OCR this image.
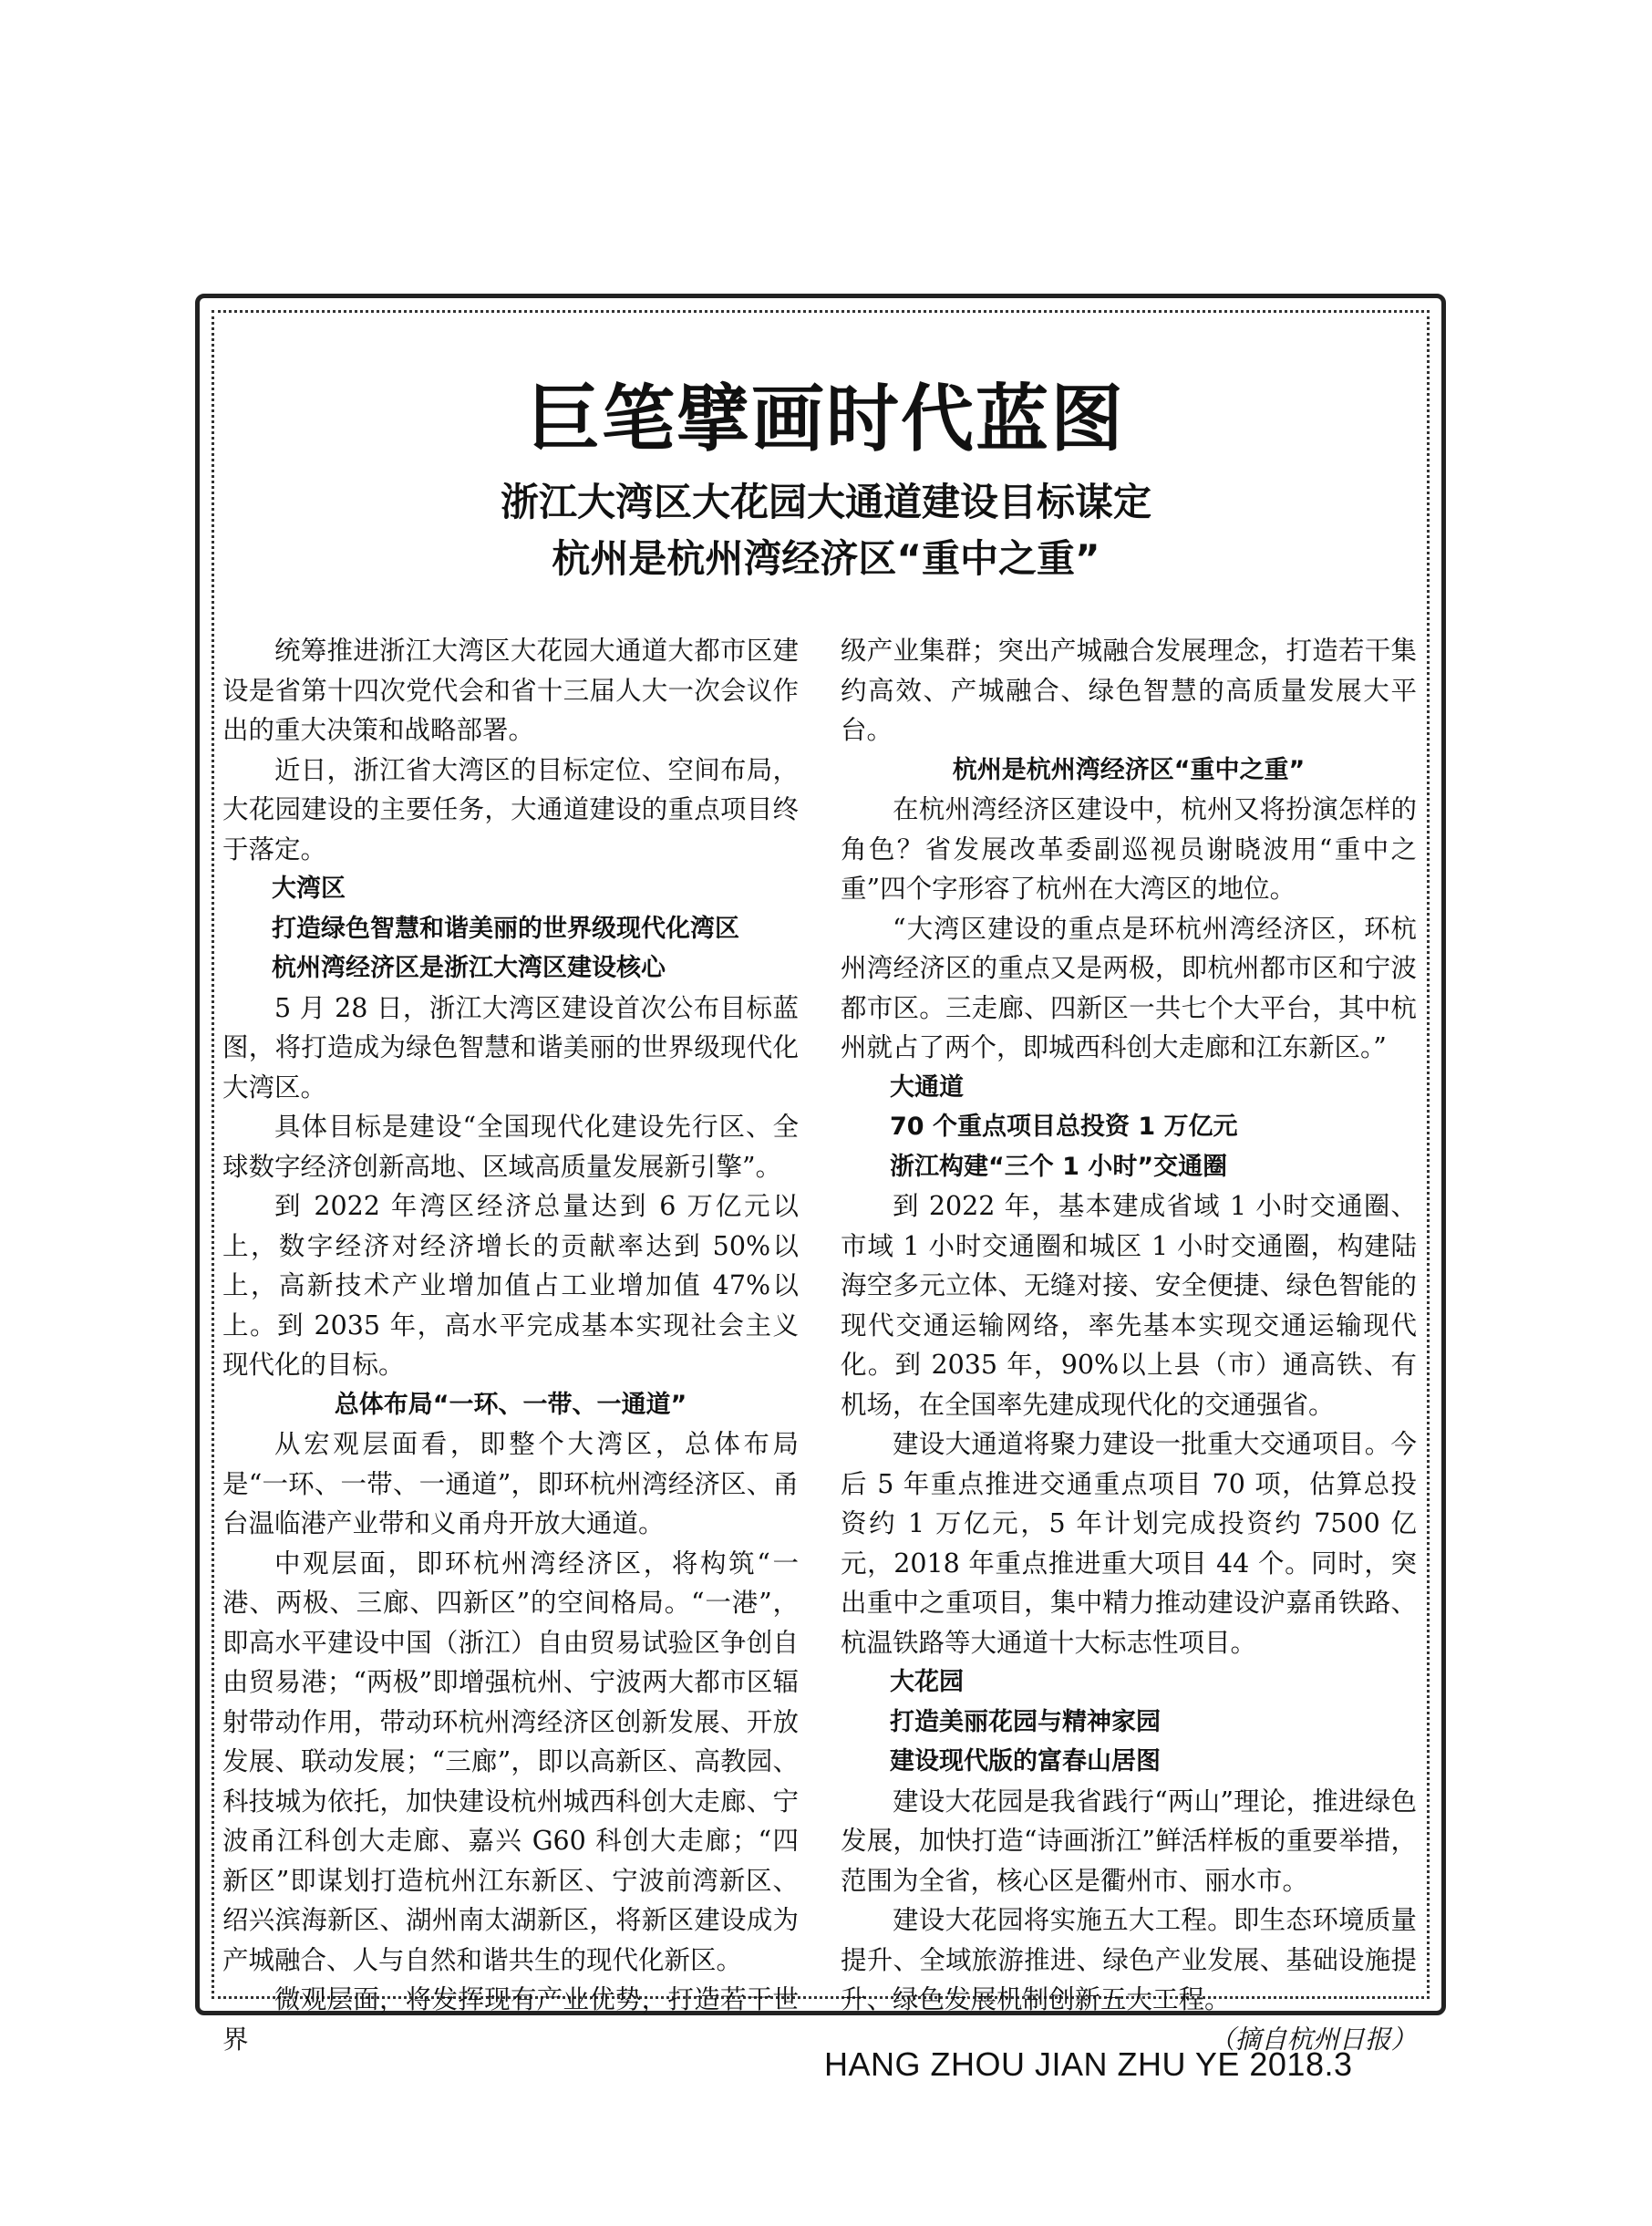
巨笔擘画时代蓝图
浙江大湾区大花园大通道建设目标谋定
杭州是杭州湾经济区“重中之重”

统筹推进浙江大湾区大花园大通道大都市区建设是省第十四次党代会和省十三届人大一次会议作出的重大决策和战略部署。

近日，浙江省大湾区的目标定位、空间布局，大花园建设的主要任务，大通道建设的重点项目终于落定。

大湾区
打造绿色智慧和谐美丽的世界级现代化湾区
杭州湾经济区是浙江大湾区建设核心

5 月 28 日，浙江大湾区建设首次公布目标蓝图，将打造成为绿色智慧和谐美丽的世界级现代化大湾区。

具体目标是建设“全国现代化建设先行区、全球数字经济创新高地、区域高质量发展新引擎”。

到 2022 年湾区经济总量达到 6 万亿元以上，数字经济对经济增长的贡献率达到 50%以上，高新技术产业增加值占工业增加值 47%以上。到 2035 年，高水平完成基本实现社会主义现代化的目标。

总体布局“一环、一带、一通道”

从宏观层面看，即整个大湾区，总体布局是“一环、一带、一通道”，即环杭州湾经济区、甬台温临港产业带和义甬舟开放大通道。

中观层面，即环杭州湾经济区，将构筑“一港、两极、三廊、四新区”的空间格局。“一港”，即高水平建设中国（浙江）自由贸易试验区争创自由贸易港；“两极”即增强杭州、宁波两大都市区辐射带动作用，带动环杭州湾经济区创新发展、开放发展、联动发展；“三廊”，即以高新区、高教园、科技城为依托，加快建设杭州城西科创大走廊、宁波甬江科创大走廊、嘉兴 G60 科创大走廊；“四新区”即谋划打造杭州江东新区、宁波前湾新区、绍兴滨海新区、湖州南太湖新区，将新区建设成为产城融合、人与自然和谐共生的现代化新区。

微观层面，将发挥现有产业优势，打造若干世界

级产业集群；突出产城融合发展理念，打造若干集约高效、产城融合、绿色智慧的高质量发展大平台。

杭州是杭州湾经济区“重中之重”

在杭州湾经济区建设中，杭州又将扮演怎样的角色？省发展改革委副巡视员谢晓波用“重中之重”四个字形容了杭州在大湾区的地位。

“大湾区建设的重点是环杭州湾经济区，环杭州湾经济区的重点又是两极，即杭州都市区和宁波都市区。三走廊、四新区一共七个大平台，其中杭州就占了两个，即城西科创大走廊和江东新区。”

大通道
70 个重点项目总投资 1 万亿元
浙江构建“三个 1 小时”交通圈

到 2022 年，基本建成省域 1 小时交通圈、市域 1 小时交通圈和城区 1 小时交通圈，构建陆海空多元立体、无缝对接、安全便捷、绿色智能的现代交通运输网络，率先基本实现交通运输现代化。到 2035 年，90%以上县（市）通高铁、有机场，在全国率先建成现代化的交通强省。

建设大通道将聚力建设一批重大交通项目。今后 5 年重点推进交通重点项目 70 项，估算总投资约 1 万亿元，5 年计划完成投资约 7500 亿元，2018 年重点推进重大项目 44 个。同时，突出重中之重项目，集中精力推动建设沪嘉甬铁路、杭温铁路等大通道十大标志性项目。

大花园
打造美丽花园与精神家园
建设现代版的富春山居图

建设大花园是我省践行“两山”理论，推进绿色发展，加快打造“诗画浙江”鲜活样板的重要举措，范围为全省，核心区是衢州市、丽水市。

建设大花园将实施五大工程。即生态环境质量提升、全域旅游推进、绿色产业发展、基础设施提升、绿色发展机制创新五大工程。
（摘自杭州日报）

HANG ZHOU JIAN ZHU YE 2018.3
